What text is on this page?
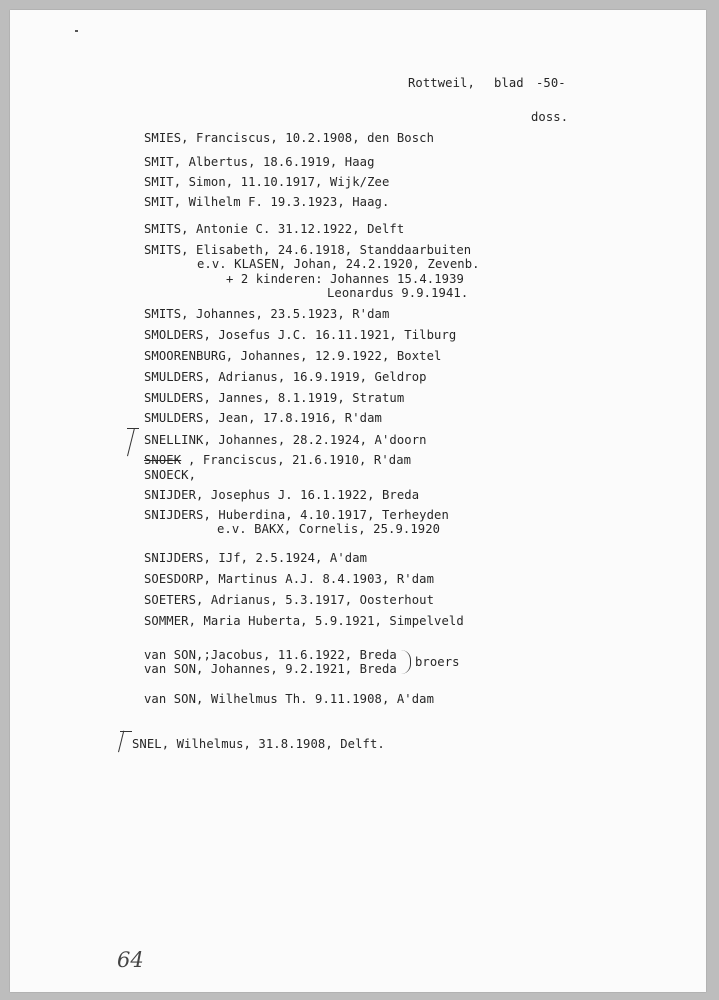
Rottweil, blad -50-
doss.
SMIES, Franciscus, 10.2.1908, den Bosch
SMIT, Albertus, 18.6.1919, Haag
SMIT, Simon, 11.10.1917, Wijk/Zee
SMIT, Wilhelm F. 19.3.1923, Haag.
SMITS, Antonie C. 31.12.1922, Delft
SMITS, Elisabeth, 24.6.1918, Standdaarbuiten
e.v. KLASEN, Johan, 24.2.1920, Zevenb.
+ 2 kinderen: Johannes 15.4.1939
Leonardus 9.9.1941.
SMITS, Johannes, 23.5.1923, R'dam
SMOLDERS, Josefus J.C. 16.11.1921, Tilburg
SMOORENBURG, Johannes, 12.9.1922, Boxtel
SMULDERS, Adrianus, 16.9.1919, Geldrop
SMULDERS, Jannes, 8.1.1919, Stratum
SMULDERS, Jean, 17.8.1916, R'dam
SNELLINK, Johannes, 28.2.1924, A'doorn
SNOEK , Franciscus, 21.6.1910, R'dam
SNOECK,
SNIJDER, Josephus J. 16.1.1922, Breda
SNIJDERS, Huberdina, 4.10.1917, Terheyden
e.v. BAKX, Cornelis, 25.9.1920
SNIJDERS, IJf, 2.5.1924, A'dam
SOESDORP, Martinus A.J. 8.4.1903, R'dam
SOETERS, Adrianus, 5.3.1917, Oosterhout
SOMMER, Maria Huberta, 5.9.1921, Simpelveld
van SON,;Jacobus, 11.6.1922, Breda
van SON, Johannes, 9.2.1921, Breda broers
van SON, Wilhelmus Th. 9.11.1908, A'dam
SNEL, Wilhelmus, 31.8.1908, Delft.
64
